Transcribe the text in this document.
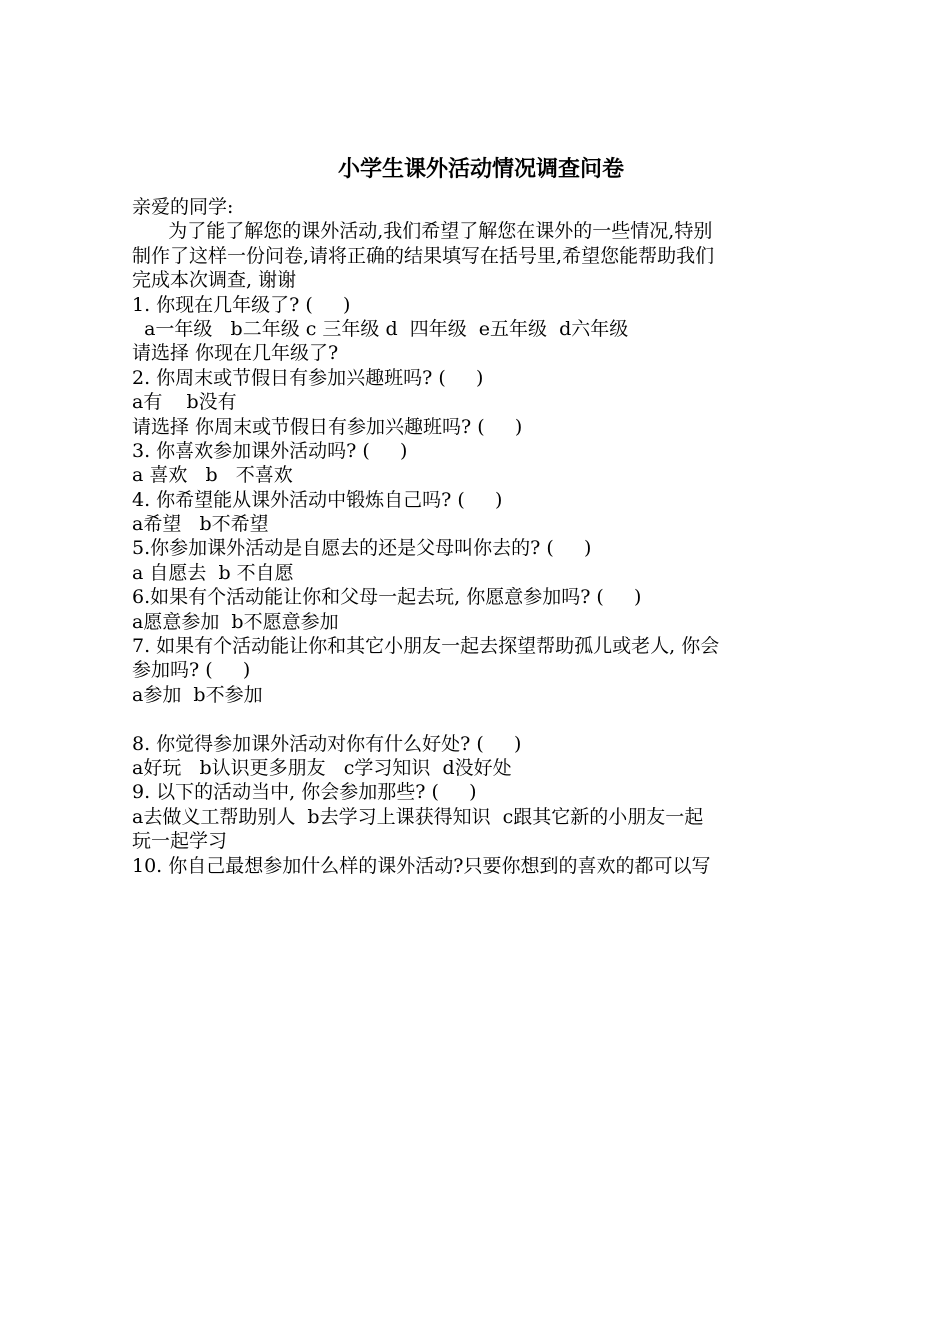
小学生课外活动情况调查问卷
亲爱的同学:
为了能了解您的课外活动,我们希望了解您在课外的一些情况,特别
制作了这样一份问卷,请将正确的结果填写在括号里,希望您能帮助我们
完成本次调查, 谢谢
1. 你现在几年级了? (     )
a一年级   b二年级 c 三年级 d  四年级  e五年级  d六年级
请选择 你现在几年级了?
2. 你周末或节假日有参加兴趣班吗? (     )
a有    b没有
请选择 你周末或节假日有参加兴趣班吗? (     )
3. 你喜欢参加课外活动吗? (     )
a 喜欢   b   不喜欢
4. 你希望能从课外活动中锻炼自己吗? (     )
a希望   b不希望
5.你参加课外活动是自愿去的还是父母叫你去的? (     )
a 自愿去  b 不自愿
6.如果有个活动能让你和父母一起去玩, 你愿意参加吗? (     )
a愿意参加  b不愿意参加
7. 如果有个活动能让你和其它小朋友一起去探望帮助孤儿或老人, 你会
参加吗? (     )
a参加  b不参加
8. 你觉得参加课外活动对你有什么好处? (     )
a好玩   b认识更多朋友   c学习知识  d没好处
9. 以下的活动当中, 你会参加那些? (     )
a去做义工帮助别人  b去学习上课获得知识  c跟其它新的小朋友一起
玩一起学习
10. 你自己最想参加什么样的课外活动?只要你想到的喜欢的都可以写
